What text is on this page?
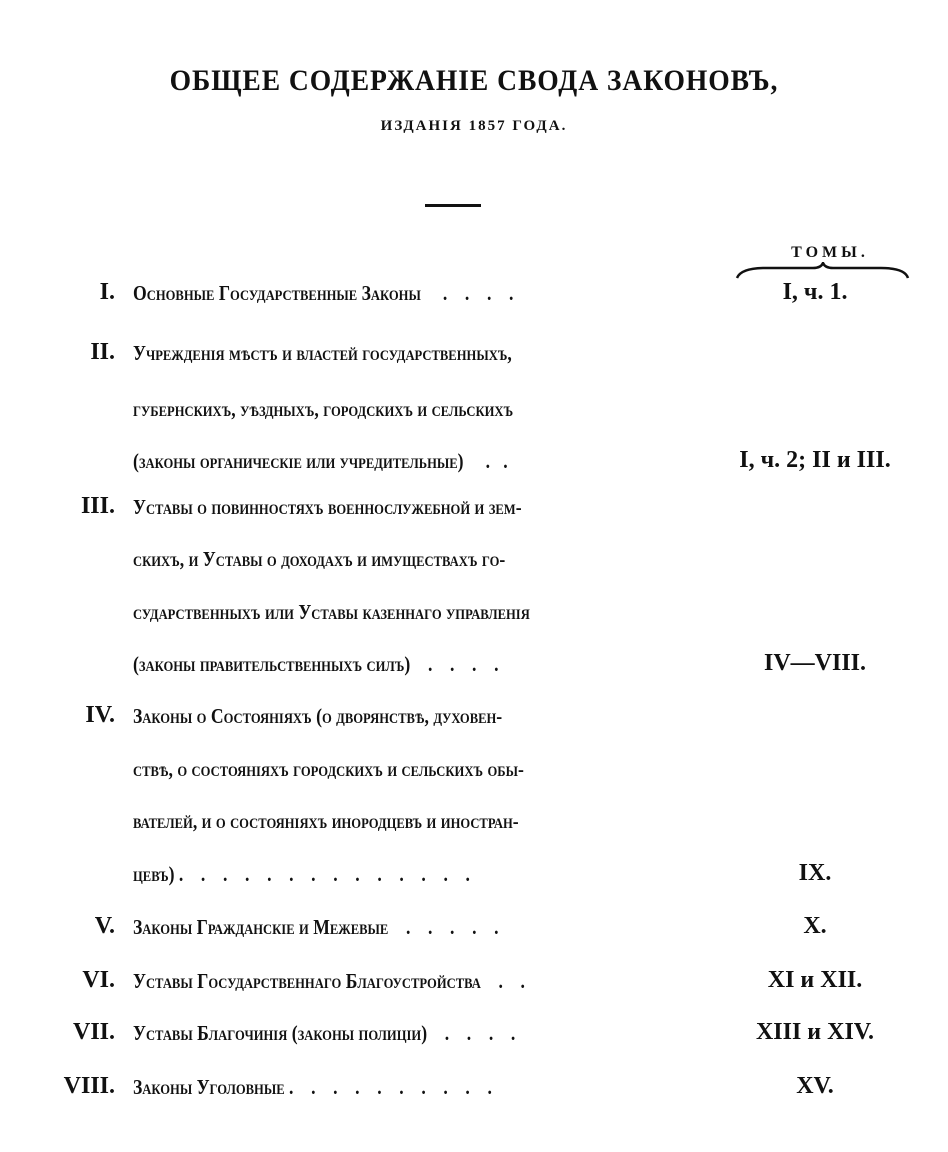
ОБЩЕЕ СОДЕРЖАНІЕ СВОДА ЗАКОНОВЪ,
ИЗДАНІЯ 1857 ГОДА.
ТОМЫ.
I. Основные Государственные Законы     .    .    .    .	I, ч. 1.
II. Учрежденія мѣстъ и властей государственныхъ,
губернскихъ, уѣздныхъ, городскихъ и сельскихъ
(законы органическіе или учредительные)     .   .	I, ч. 2; II и III.
III. Уставы о повинностяхъ военнослужебной и зем-
скихъ, и Уставы о доходахъ и имуществахъ го-
сударственныхъ или Уставы казеннаго управленія
(законы правительственныхъ силъ)    .    .    .    .	IV—VIII.
IV. Законы о Состояніяхъ (о дворянствѣ, духовен-
ствѣ, о состояніяхъ городскихъ и сельскихъ обы-
вателей, и о состояніяхъ инородцевъ и иностран-
цевъ) .    .    .    .    .    .    .    .    .    .    .    .    .    .	IX.
V. Законы Гражданскіе и Межевые    .    .    .    .    .	X.
VI. Уставы Государственнаго Благоустройства    .    .	XI и XII.
VII. Уставы Благочинія (законы полиціи)    .    .    .    .	XIII и XIV.
VIII. Законы Уголовные .    .    .    .    .    .    .    .    .    .	XV.
